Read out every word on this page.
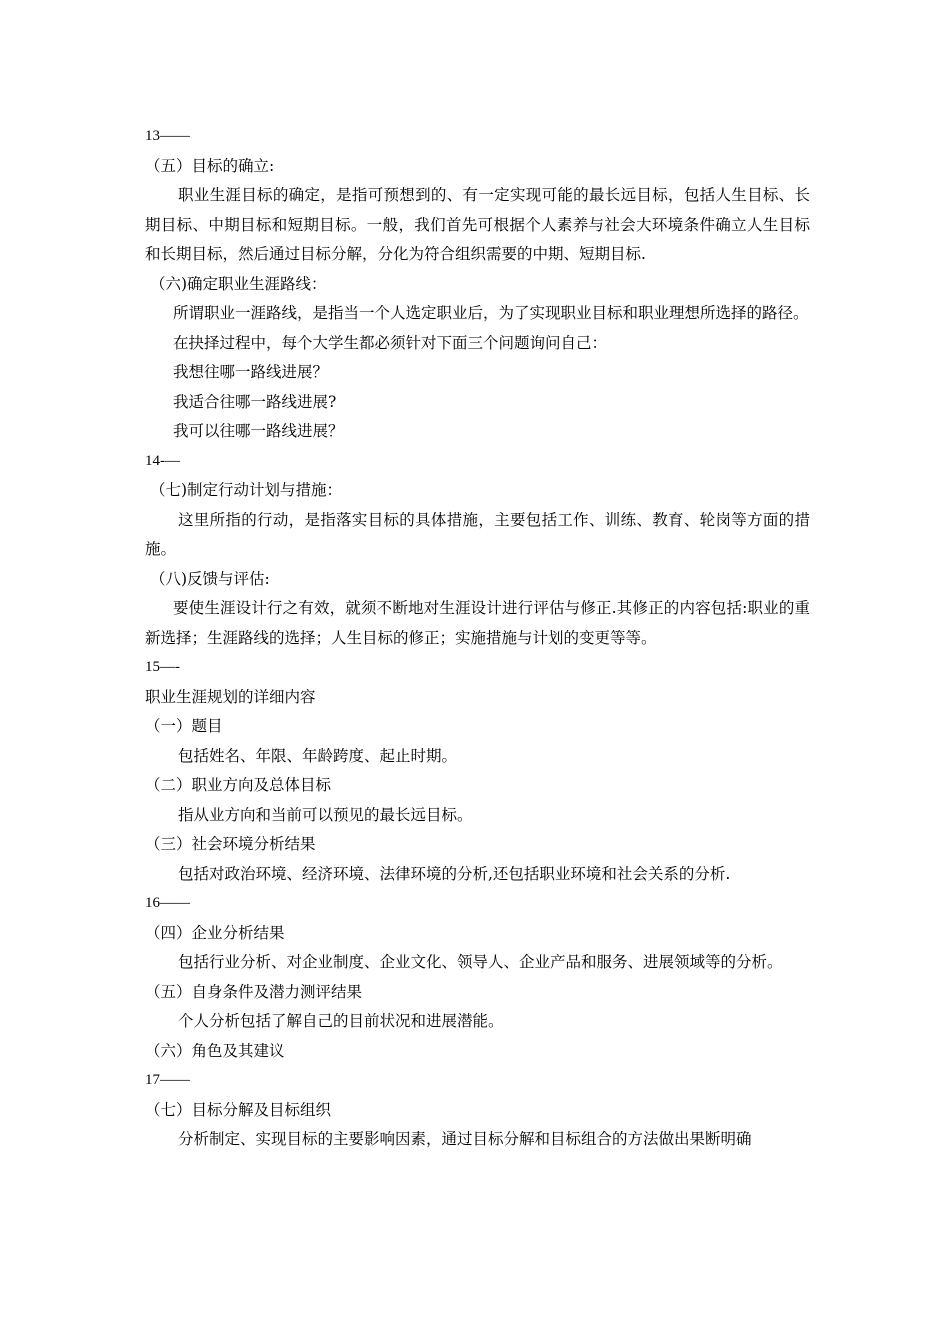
13——
（五）目标的确立:
职业生涯目标的确定，是指可预想到的、有一定实现可能的最长远目标，包括人生目标、长期目标、中期目标和短期目标。一般，我们首先可根据个人素养与社会大环境条件确立人生目标和长期目标，然后通过目标分解，分化为符合组织需要的中期、短期目标.
（六)确定职业生涯路线：
所谓职业一涯路线，是指当一个人选定职业后，为了实现职业目标和职业理想所选择的路径。
在抉择过程中，每个大学生都必须针对下面三个问题询问自己：
我想往哪一路线进展？
我适合往哪一路线进展?
我可以往哪一路线进展？
14-—
（七)制定行动计划与措施：
这里所指的行动，是指落实目标的具体措施，主要包括工作、训练、教育、轮岗等方面的措施。
（八)反馈与评估:
要使生涯设计行之有效，就须不断地对生涯设计进行评估与修正.其修正的内容包括:职业的重新选择；生涯路线的选择；人生目标的修正；实施措施与计划的变更等等。
15—-
职业生涯规划的详细内容
（一）题目
包括姓名、年限、年龄跨度、起止时期。
（二）职业方向及总体目标
指从业方向和当前可以预见的最长远目标。
（三）社会环境分析结果
包括对政治环境、经济环境、法律环境的分析,还包括职业环境和社会关系的分析.
16——
（四）企业分析结果
包括行业分析、对企业制度、企业文化、领导人、企业产品和服务、进展领域等的分析。
（五）自身条件及潜力测评结果
个人分析包括了解自己的目前状况和进展潜能。
（六）角色及其建议
17——
（七）目标分解及目标组织
分析制定、实现目标的主要影响因素，通过目标分解和目标组合的方法做出果断明确
